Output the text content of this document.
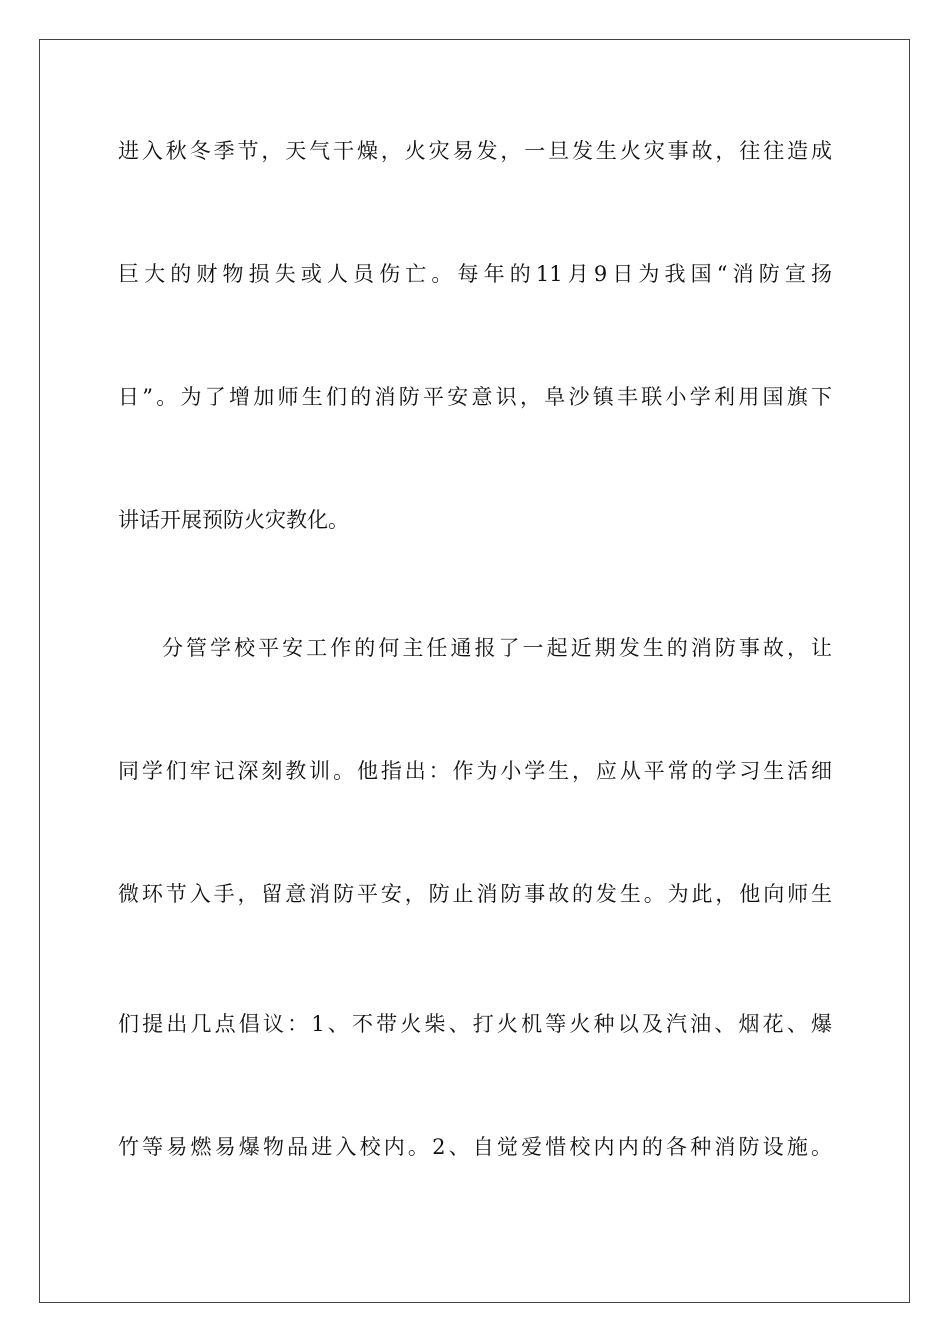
进入秋冬季节，天气干燥，火灾易发，一旦发生火灾事故，往往造成
巨大的财物损失或人员伤亡。每年的11月9日为我国“消防宣扬
日”。为了增加师生们的消防平安意识，阜沙镇丰联小学利用国旗下
讲话开展预防火灾教化。
分管学校平安工作的何主任通报了一起近期发生的消防事故，让
同学们牢记深刻教训。他指出：作为小学生，应从平常的学习生活细
微环节入手，留意消防平安，防止消防事故的发生。为此，他向师生
们提出几点倡议：1、不带火柴、打火机等火种以及汽油、烟花、爆
竹等易燃易爆物品进入校内。2、自觉爱惜校内内的各种消防设施。
